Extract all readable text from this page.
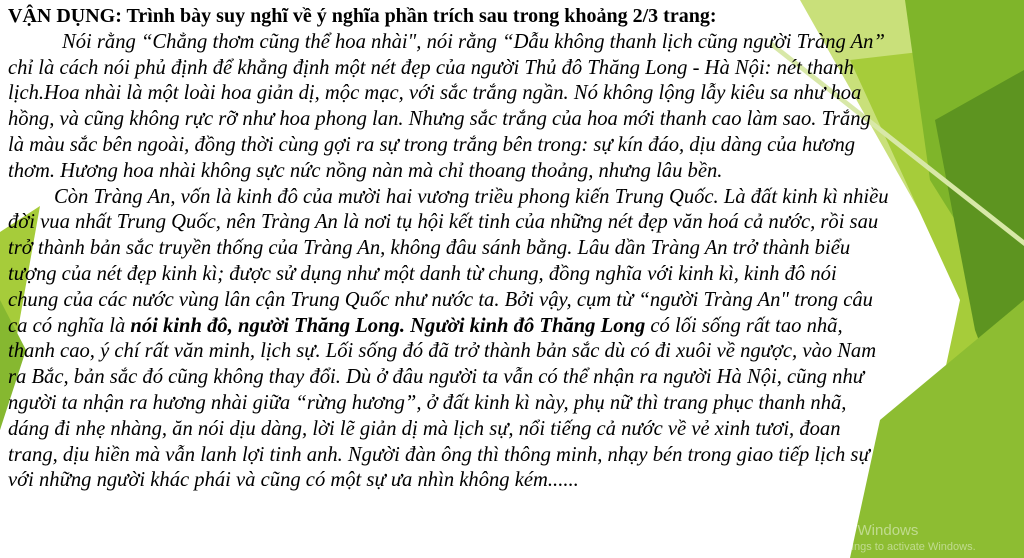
VẬN DỤNG: Trình bày suy nghĩ về ý nghĩa phần trích sau trong khoảng 2/3 trang:
Nói rằng “Chẳng thơm cũng thể hoa nhài", nói rằng “Dẫu không thanh lịch cũng người Tràng An”
chỉ là cách nói phủ định để khẳng định một nét đẹp của người Thủ đô Thăng Long - Hà Nội: nét thanh
lịch.Hoa nhài là một loài hoa giản dị, mộc mạc, với sắc trắng ngần. Nó không lộng lẫy kiêu sa như hoa
hồng, và cũng không rực rỡ như hoa phong lan. Nhưng sắc trắng của hoa mới thanh cao làm sao. Trắng
là màu sắc bên ngoài, đồng thời cùng gợi ra sự trong trắng bên trong: sự kín đáo, dịu dàng của hương
thơm. Hương hoa nhài không sực nức nồng nàn mà chỉ thoang thoảng, nhưng lâu bền.
Còn Tràng An, vốn là kinh đô của mười hai vương triều phong kiến Trung Quốc. Là đất kinh kì nhiều
đời vua nhất Trung Quốc, nên Tràng An là nơi tụ hội kết tinh của những nét đẹp văn hoá cả nước, rồi sau
trở thành bản sắc truyền thống của Tràng An, không đâu sánh bằng. Lâu dần Tràng An trở thành biểu
tượng của nét đẹp kinh kì; được sử dụng như một danh từ chung, đồng nghĩa với kinh kì, kinh đô nói
chung của các nước vùng lân cận Trung Quốc như nước ta. Bởi vậy, cụm từ “người Tràng An" trong câu
ca có nghĩa là nói kinh đô, người Thăng Long. Người kinh đô Thăng Long có lối sống rất tao nhã,
thanh cao, ý chí rất văn minh, lịch sự. Lối sống đó đã trở thành bản sắc dù có đi xuôi về ngược, vào Nam
ra Bắc, bản sắc đó cũng không thay đổi. Dù ở đâu người ta vẫn có thể nhận ra người Hà Nội, cũng như
người ta nhận ra hương nhài giữa “rừng hương”, ở đất kinh kì này, phụ nữ thì trang phục thanh nhã,
dáng đi nhẹ nhàng, ăn nói dịu dàng, lời lẽ giản dị mà lịch sự, nổi tiếng cả nước về vẻ xinh tươi, đoan
trang, dịu hiền mà vẫn lanh lợi tinh anh. Người đàn ông thì thông minh, nhạy bén trong giao tiếp lịch sự
với những người khác phái và cũng có một sự ưa nhìn không kém......
Activate Windows
Go to Settings to activate Windows.
